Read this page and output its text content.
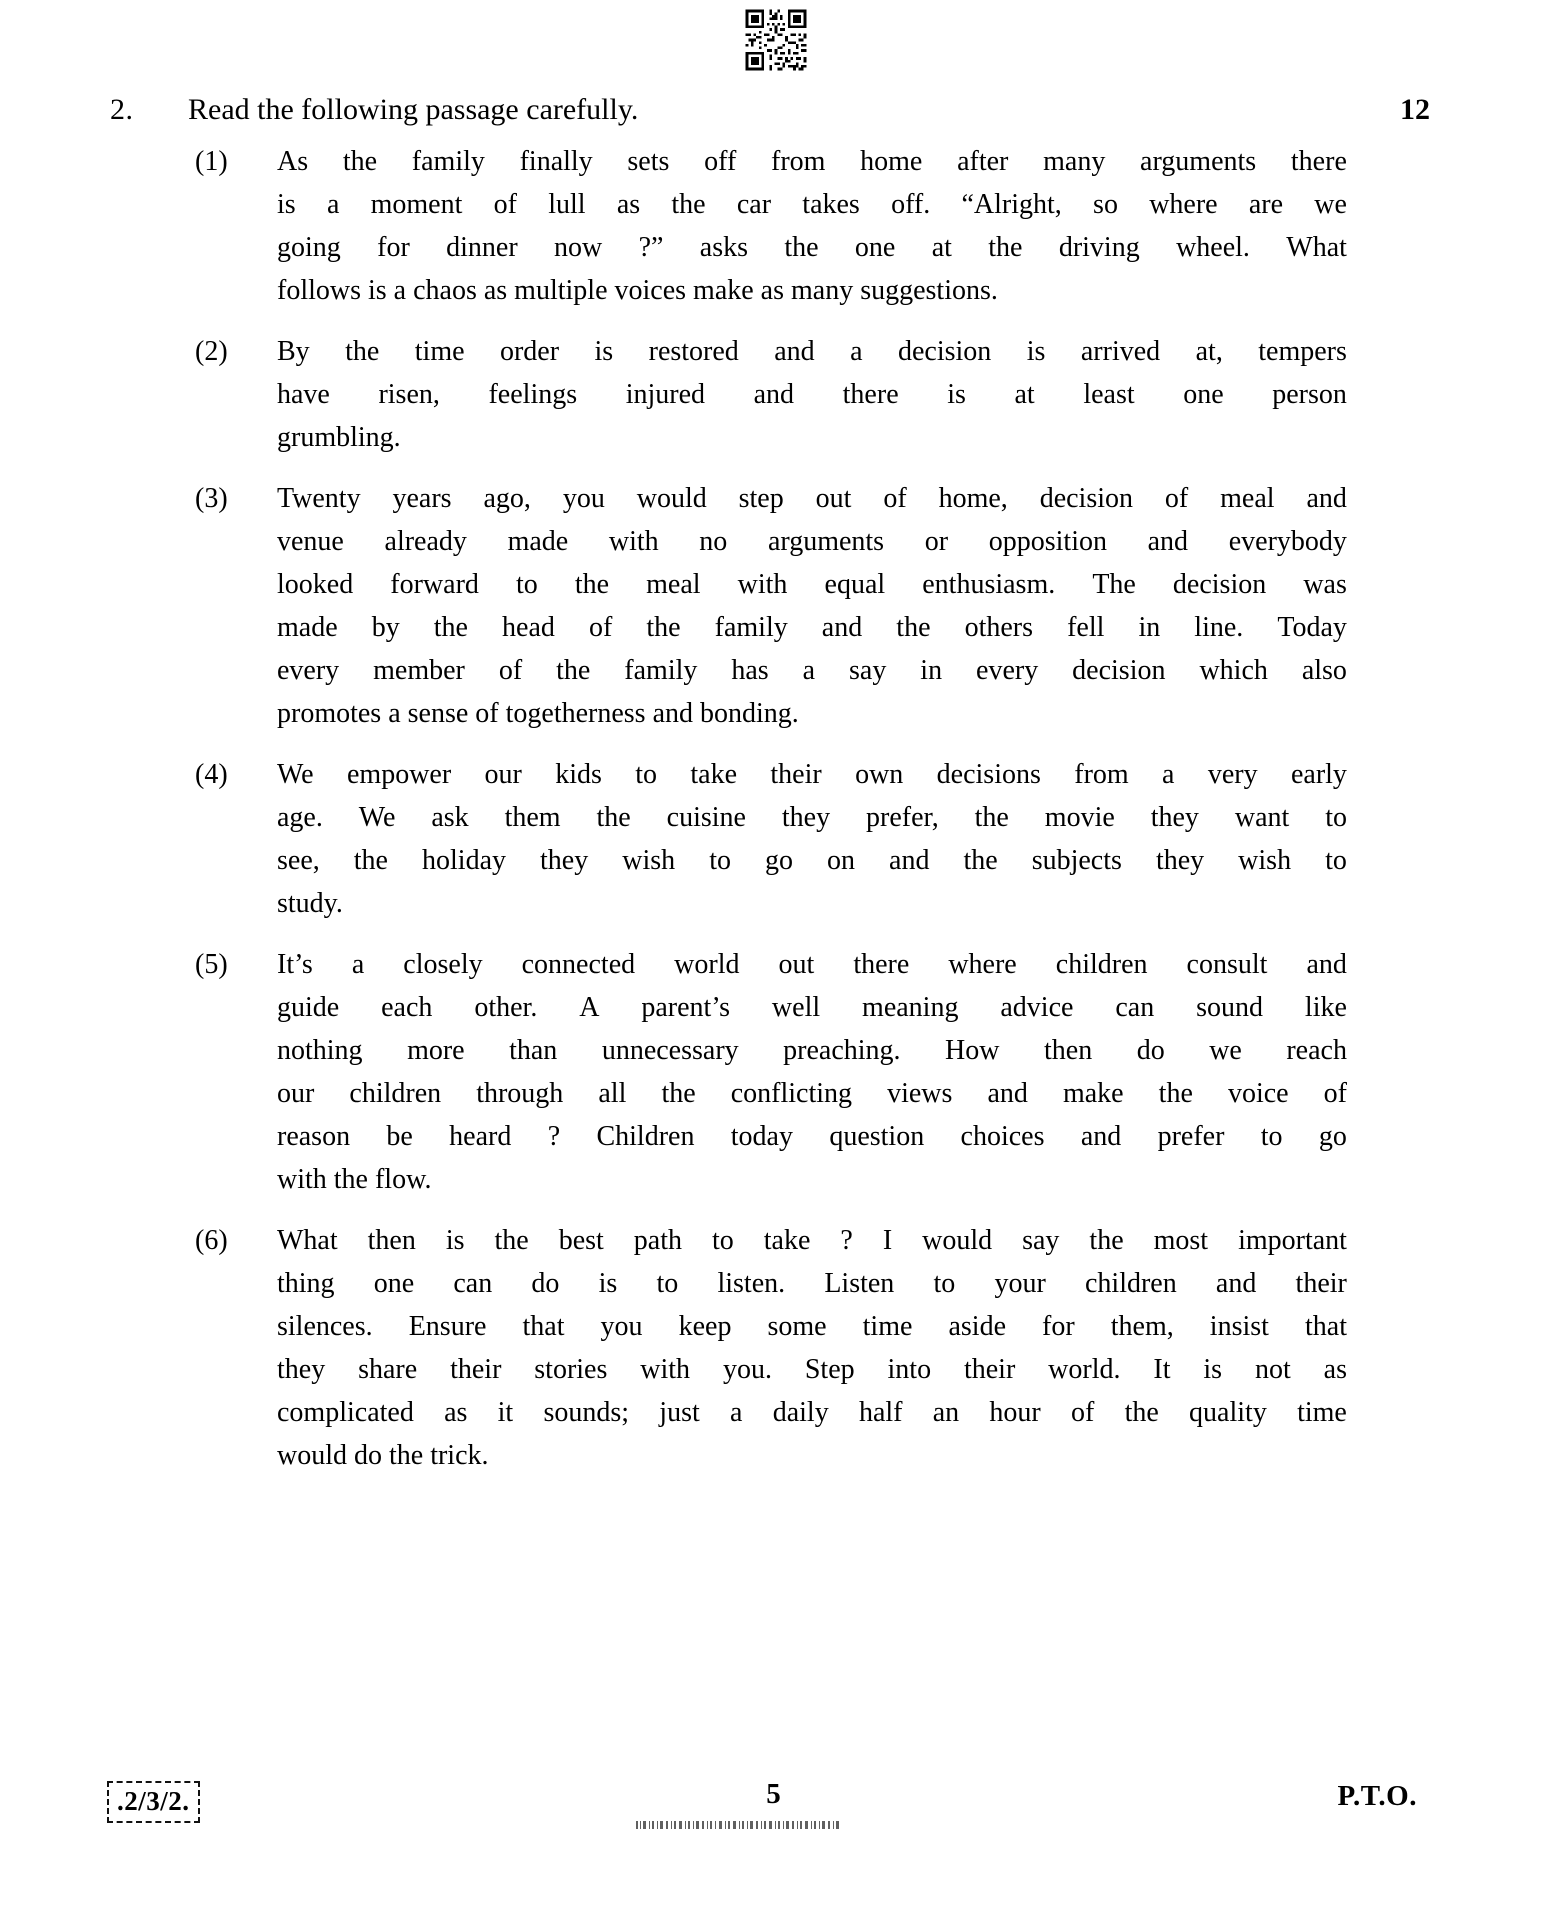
2. Read the following passage carefully.	12
(1) As the family finally sets off from home after many arguments there
is a moment of lull as the car takes off. “Alright, so where are we
going for dinner now ?” asks the one at the driving wheel. What
follows is a chaos as multiple voices make as many suggestions.
(2) By the time order is restored and a decision is arrived at, tempers
have risen, feelings injured and there is at least one person
grumbling.
(3) Twenty years ago, you would step out of home, decision of meal and
venue already made with no arguments or opposition and everybody
looked forward to the meal with equal enthusiasm. The decision was
made by the head of the family and the others fell in line. Today
every member of the family has a say in every decision which also
promotes a sense of togetherness and bonding.
(4) We empower our kids to take their own decisions from a very early
age. We ask them the cuisine they prefer, the movie they want to
see, the holiday they wish to go on and the subjects they wish to
study.
(5) It’s a closely connected world out there where children consult and
guide each other. A parent’s well meaning advice can sound like
nothing more than unnecessary preaching. How then do we reach
our children through all the conflicting views and make the voice of
reason be heard ? Children today question choices and prefer to go
with the flow.
(6) What then is the best path to take ? I would say the most important
thing one can do is to listen. Listen to your children and their
silences. Ensure that you keep some time aside for them, insist that
they share their stories with you. Step into their world. It is not as
complicated as it sounds; just a daily half an hour of the quality time
would do the trick.
.2/3/2.	5	P.T.O.
